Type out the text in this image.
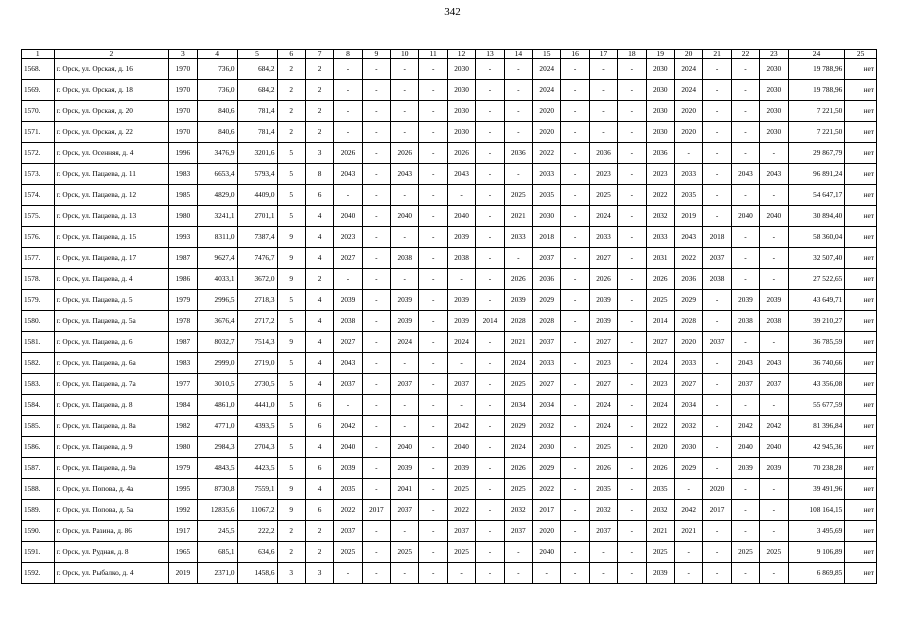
342
1	2	3	4	5	6	7	8	9	10	11	12	13	14	15	16	17	18	19	20	21	22	23	24	25
1568.	г. Орск, ул. Орская, д. 16	1970	736,0	684,2	2	2	-	-	-	-	2030	-	-	2024	-	-	-	2030	2024	-	-	2030	19 788,96	нет
1569.	г. Орск, ул. Орская, д. 18	1970	736,0	684,2	2	2	-	-	-	-	2030	-	-	2024	-	-	-	2030	2024	-	-	2030	19 788,96	нет
1570.	г. Орск, ул. Орская, д. 20	1970	840,6	781,4	2	2	-	-	-	-	2030	-	-	2020	-	-	-	2030	2020	-	-	2030	7 221,50	нет
1571.	г. Орск, ул. Орская, д. 22	1970	840,6	781,4	2	2	-	-	-	-	2030	-	-	2020	-	-	-	2030	2020	-	-	2030	7 221,50	нет
1572.	г. Орск, ул. Осенняя, д. 4	1996	3476,9	3201,6	5	3	2026	-	2026	-	2026	-	2036	2022	-	2036	-	2036	-	-	-	-	29 867,79	нет
1573.	г. Орск, ул. Пацаева, д. 11	1983	6653,4	5793,4	5	8	2043	-	2043	-	2043	-	-	2033	-	2023	-	2023	2033	-	2043	2043	96 891,24	нет
1574.	г. Орск, ул. Пацаева, д. 12	1985	4829,0	4409,0	5	6	-	-	-	-	-	-	2025	2035	-	2025	-	2022	2035	-	-	-	54 647,17	нет
1575.	г. Орск, ул. Пацаева, д. 13	1980	3241,1	2701,1	5	4	2040	-	2040	-	2040	-	2021	2030	-	2024	-	2032	2019	-	2040	2040	30 894,40	нет
1576.	г. Орск, ул. Пацаева, д. 15	1993	8311,0	7387,4	9	4	2023	-	-	-	2039	-	2033	2018	-	2033	-	2033	2043	2018	-	-	58 360,04	нет
1577.	г. Орск, ул. Пацаева, д. 17	1987	9627,4	7476,7	9	4	2027	-	2038	-	2038	-	-	2037	-	2027	-	2031	2022	2037	-	-	32 507,40	нет
1578.	г. Орск, ул. Пацаева, д. 4	1986	4033,1	3672,0	9	2	-	-	-	-	-	-	2026	2036	-	2026	-	2026	2036	2038	-	-	27 522,65	нет
1579.	г. Орск, ул. Пацаева, д. 5	1979	2996,5	2718,3	5	4	2039	-	2039	-	2039	-	2039	2029	-	2039	-	2025	2029	-	2039	2039	43 649,71	нет
1580.	г. Орск, ул. Пацаева, д. 5а	1978	3676,4	2717,2	5	4	2038	-	2039	-	2039	2014	2028	2028	-	2039	-	2014	2028	-	2038	2038	39 210,27	нет
1581.	г. Орск, ул. Пацаева, д. 6	1987	8032,7	7514,3	9	4	2027	-	2024	-	2024	-	2021	2037	-	2027	-	2027	2020	2037	-	-	36 785,59	нет
1582.	г. Орск, ул. Пацаева, д. 6а	1983	2999,0	2719,0	5	4	2043	-	-	-	-	-	2024	2033	-	2023	-	2024	2033	-	2043	2043	36 740,66	нет
1583.	г. Орск, ул. Пацаева, д. 7а	1977	3010,5	2730,5	5	4	2037	-	2037	-	2037	-	2025	2027	-	2027	-	2023	2027	-	2037	2037	43 356,08	нет
1584.	г. Орск, ул. Пацаева, д. 8	1984	4861,0	4441,0	5	6	-	-	-	-	-	-	2034	2034	-	2024	-	2024	2034	-	-	-	55 677,59	нет
1585.	г. Орск, ул. Пацаева, д. 8а	1982	4771,0	4393,5	5	6	2042	-	-	-	2042	-	2029	2032	-	2024	-	2022	2032	-	2042	2042	81 396,84	нет
1586.	г. Орск, ул. Пацаева, д. 9	1980	2984,3	2704,3	5	4	2040	-	2040	-	2040	-	2024	2030	-	2025	-	2020	2030	-	2040	2040	42 945,36	нет
1587.	г. Орск, ул. Пацаева, д. 9а	1979	4843,5	4423,5	5	6	2039	-	2039	-	2039	-	2026	2029	-	2026	-	2026	2029	-	2039	2039	70 238,28	нет
1588.	г. Орск, ул. Попова, д. 4а	1995	8730,8	7559,1	9	4	2035	-	2041	-	2025	-	2025	2022	-	2035	-	2035	-	2020	-	-	39 491,96	нет
1589.	г. Орск, ул. Попова, д. 5а	1992	12835,6	11067,2	9	6	2022	2017	2037	-	2022	-	2032	2017	-	2032	-	2032	2042	2017	-	-	108 164,15	нет
1590.	г. Орск, ул. Разина, д. 86	1917	245,5	222,2	2	2	2037	-	-	-	2037	-	2037	2020	-	2037	-	2021	2021	-	-	-	3 495,69	нет
1591.	г. Орск, ул. Рудная, д. 8	1965	685,1	634,6	2	2	2025	-	2025	-	2025	-	-	2040	-	-	-	2025	-	-	2025	2025	9 106,89	нет
1592.	г. Орск, ул. Рыбалко, д. 4	2019	2371,0	1458,6	3	3	-	-	-	-	-	-	-	-	-	-	-	2039	-	-	-	-	6 869,85	нет
